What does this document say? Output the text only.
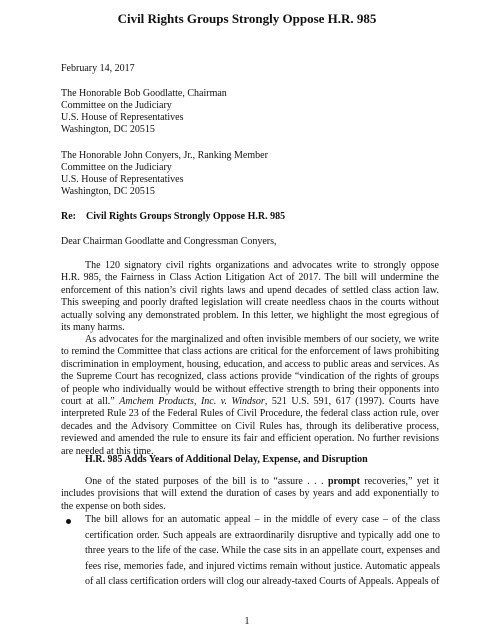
Civil Rights Groups Strongly Oppose H.R. 985
February 14, 2017
The Honorable Bob Goodlatte, Chairman
Committee on the Judiciary
U.S. House of Representatives
Washington, DC 20515
The Honorable John Conyers, Jr., Ranking Member
Committee on the Judiciary
U.S. House of Representatives
Washington, DC 20515
Re: Civil Rights Groups Strongly Oppose H.R. 985
Dear Chairman Goodlatte and Congressman Conyers,

The 120 signatory civil rights organizations and advocates write to strongly oppose H.R. 985, the Fairness in Class Action Litigation Act of 2017. The bill will undermine the enforcement of this nation’s civil rights laws and upend decades of settled class action law. This sweeping and poorly drafted legislation will create needless chaos in the courts without actually solving any demonstrated problem. In this letter, we highlight the most egregious of its many harms.

As advocates for the marginalized and often invisible members of our society, we write to remind the Committee that class actions are critical for the enforcement of laws prohibiting discrimination in employment, housing, education, and access to public areas and services. As the Supreme Court has recognized, class actions provide “vindication of the rights of groups of people who individually would be without effective strength to bring their opponents into court at all.” Amchem Products, Inc. v. Windsor, 521 U.S. 591, 617 (1997). Courts have interpreted Rule 23 of the Federal Rules of Civil Procedure, the federal class action rule, over decades and the Advisory Committee on Civil Rules has, through its deliberative process, reviewed and amended the rule to ensure its fair and efficient operation. No further revisions are needed at this time.

H.R. 985 Adds Years of Additional Delay, Expense, and Disruption

One of the stated purposes of the bill is to “assure . . . prompt recoveries,” yet it includes provisions that will extend the duration of cases by years and add exponentially to the expense on both sides.

The bill allows for an automatic appeal – in the middle of every case – of the class certification order. Such appeals are extraordinarily disruptive and typically add one to three years to the life of the case. While the case sits in an appellate court, expenses and fees rise, memories fade, and injured victims remain without justice. Automatic appeals of all class certification orders will clog our already-taxed Courts of Appeals. Appeals of
1
